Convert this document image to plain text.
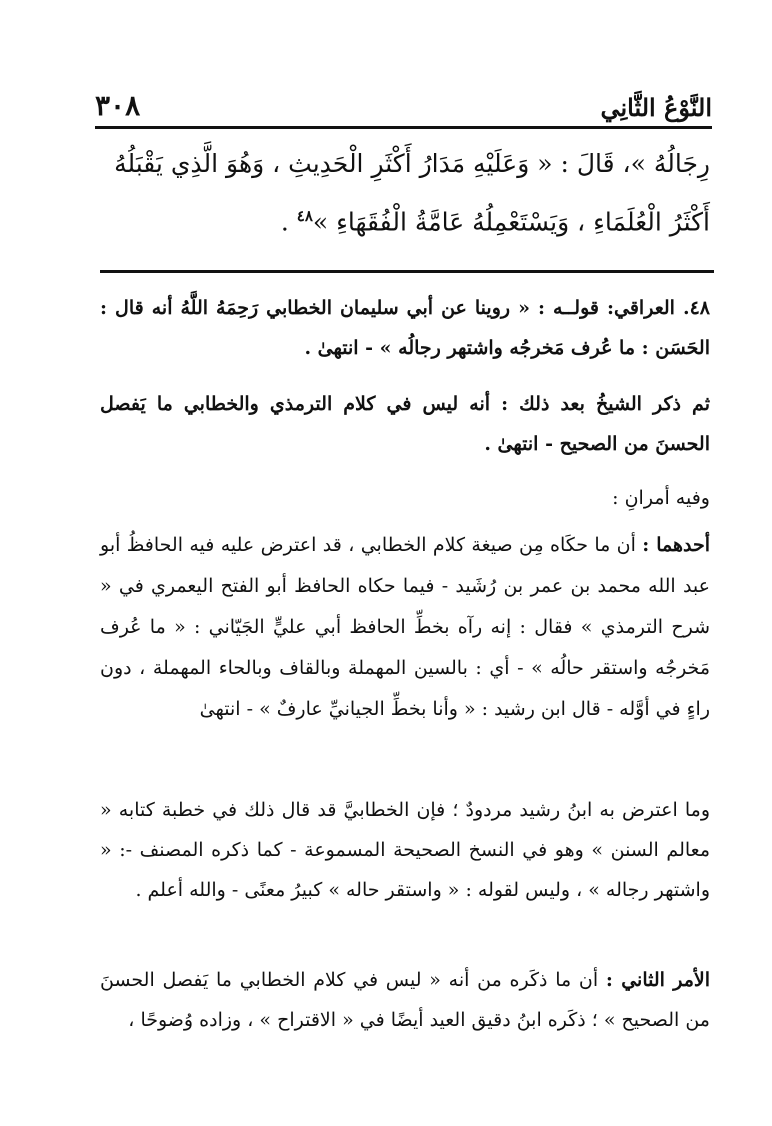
٣٠٨	النَّوْعُ الثَّانِي

رِجَالُهُ »، قَالَ : « وَعَلَيْهِ مَدَارُ أَكْثَرِ الْحَدِيثِ ، وَهُوَ الَّذِي يَقْبَلُهُ
أَكْثَرُ الْعُلَمَاءِ ، وَيَسْتَعْمِلُهُ عَامَّةُ الْفُقَهَاءِ »$^{٤٨}$ .

٤٨. العراقي: قولــه : « روينا عن أبي سليمان الخطابي رَحِمَهُ اللَّهُ أنه قال : الحَسَن : ما عُرف مَخرجُه واشتهر رجالُه » - انتهىٰ .

ثم ذكر الشيخُ بعد ذلك : أنه ليس في كلام الترمذي والخطابي ما يَفصل الحسنَ من الصحيح - انتهىٰ .

وفيه أمرانِ :

أحدهما : أن ما حكَاه مِن صيغة كلام الخطابي ، قد اعترض عليه فيه الحافظُ أبو عبد الله محمد بن عمر بن رُشَيد - فيما حكاه الحافظ أبو الفتح اليعمري في « شرح الترمذي » فقال : إنه رآه بخطِّ الحافظ أبي عليٍّ الجَيّاني : « ما عُرف مَخرجُه واستقر حالُه » - أي : بالسين المهملة وبالقاف وبالحاء المهملة ، دون راءٍ في أوَّله - قال ابن رشيد : « وأنا بخطِّ الجيانيِّ عارفٌ » - انتهىٰ

وما اعترض به ابنُ رشيد مردودٌ ؛ فإن الخطابيَّ قد قال ذلك في خطبة كتابه « معالم السنن » وهو في النسخ الصحيحة المسموعة - كما ذكره المصنف -: « واشتهر رجاله » ، وليس لقوله : « واستقر حاله » كبيرُ معنًى - والله أعلم .

الأمر الثاني : أن ما ذكَره من أنه « ليس في كلام الخطابي ما يَفصل الحسنَ من الصحيح » ؛ ذكَره ابنُ دقيق العيد أيضًا في « الاقتراح » ، وزاده وُضوحًا ،
